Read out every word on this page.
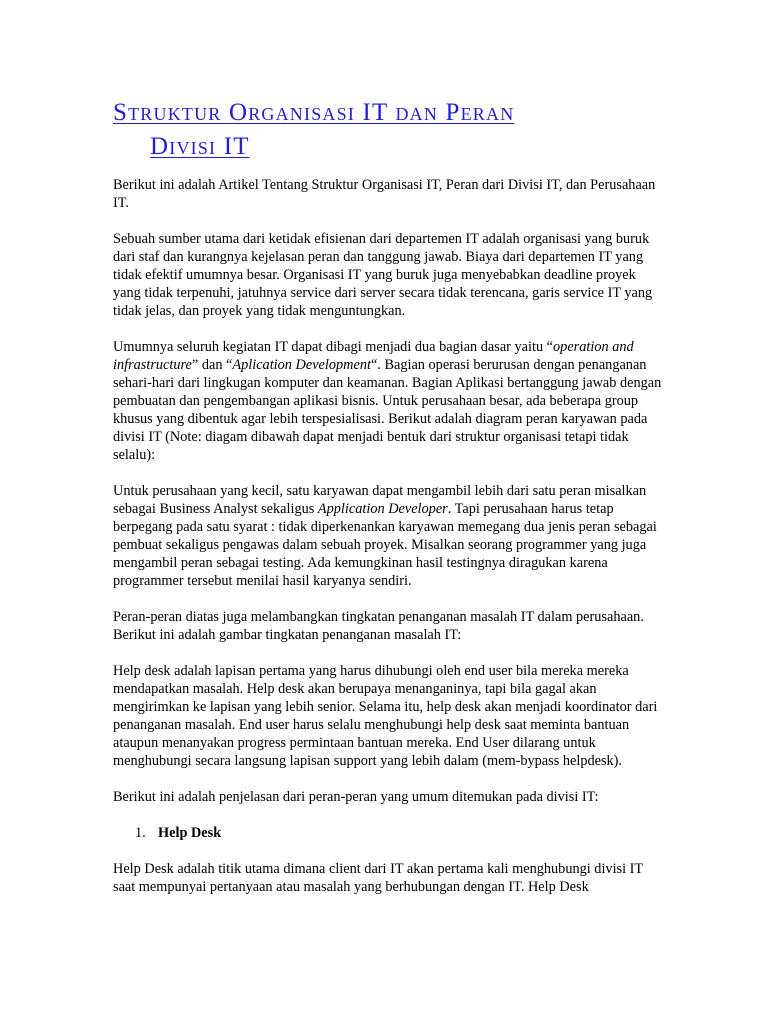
Struktur Organisasi IT dan Peran
Divisi IT

Berikut ini adalah Artikel Tentang Struktur Organisasi IT, Peran dari Divisi IT, dan Perusahaan IT.

Sebuah sumber utama dari ketidak efisienan dari departemen IT adalah organisasi yang buruk dari staf dan kurangnya kejelasan peran dan tanggung jawab. Biaya dari departemen IT yang tidak efektif umumnya besar. Organisasi IT yang buruk juga menyebabkan deadline proyek yang tidak terpenuhi, jatuhnya service dari server secara tidak terencana, garis service IT yang tidak jelas, dan proyek yang tidak menguntungkan.

Umumnya seluruh kegiatan IT dapat dibagi menjadi dua bagian dasar yaitu “operation and infrastructure” dan “Aplication Development“. Bagian operasi berurusan dengan penanganan sehari-hari dari lingkugan komputer dan keamanan. Bagian Aplikasi bertanggung jawab dengan pembuatan dan pengembangan aplikasi bisnis. Untuk perusahaan besar, ada beberapa group khusus yang dibentuk agar lebih terspesialisasi. Berikut adalah diagram peran karyawan pada divisi IT (Note: diagam dibawah dapat menjadi bentuk dari struktur organisasi tetapi tidak selalu):

Untuk perusahaan yang kecil, satu karyawan dapat mengambil lebih dari satu peran misalkan sebagai Business Analyst sekaligus Application Developer. Tapi perusahaan harus tetap berpegang pada satu syarat : tidak diperkenankan karyawan memegang dua jenis peran sebagai pembuat sekaligus pengawas dalam sebuah proyek. Misalkan seorang programmer yang juga mengambil peran sebagai testing. Ada kemungkinan hasil testingnya diragukan karena programmer tersebut menilai hasil karyanya sendiri.

Peran-peran diatas juga melambangkan tingkatan penanganan masalah IT dalam perusahaan. Berikut ini adalah gambar tingkatan penanganan masalah IT:

Help desk adalah lapisan pertama yang harus dihubungi oleh end user bila mereka mereka mendapatkan masalah. Help desk akan berupaya menanganinya, tapi bila gagal akan mengirimkan ke lapisan yang lebih senior. Selama itu, help desk akan menjadi koordinator dari penanganan masalah. End user harus selalu menghubungi help desk saat meminta bantuan ataupun menanyakan progress permintaan bantuan mereka. End User dilarang untuk menghubungi secara langsung lapisan support yang lebih dalam (mem-bypass helpdesk).

Berikut ini adalah penjelasan dari peran-peran yang umum ditemukan pada divisi IT:

1. Help Desk

Help Desk adalah titik utama dimana client dari IT akan pertama kali menghubungi divisi IT saat mempunyai pertanyaan atau masalah yang berhubungan dengan IT. Help Desk
